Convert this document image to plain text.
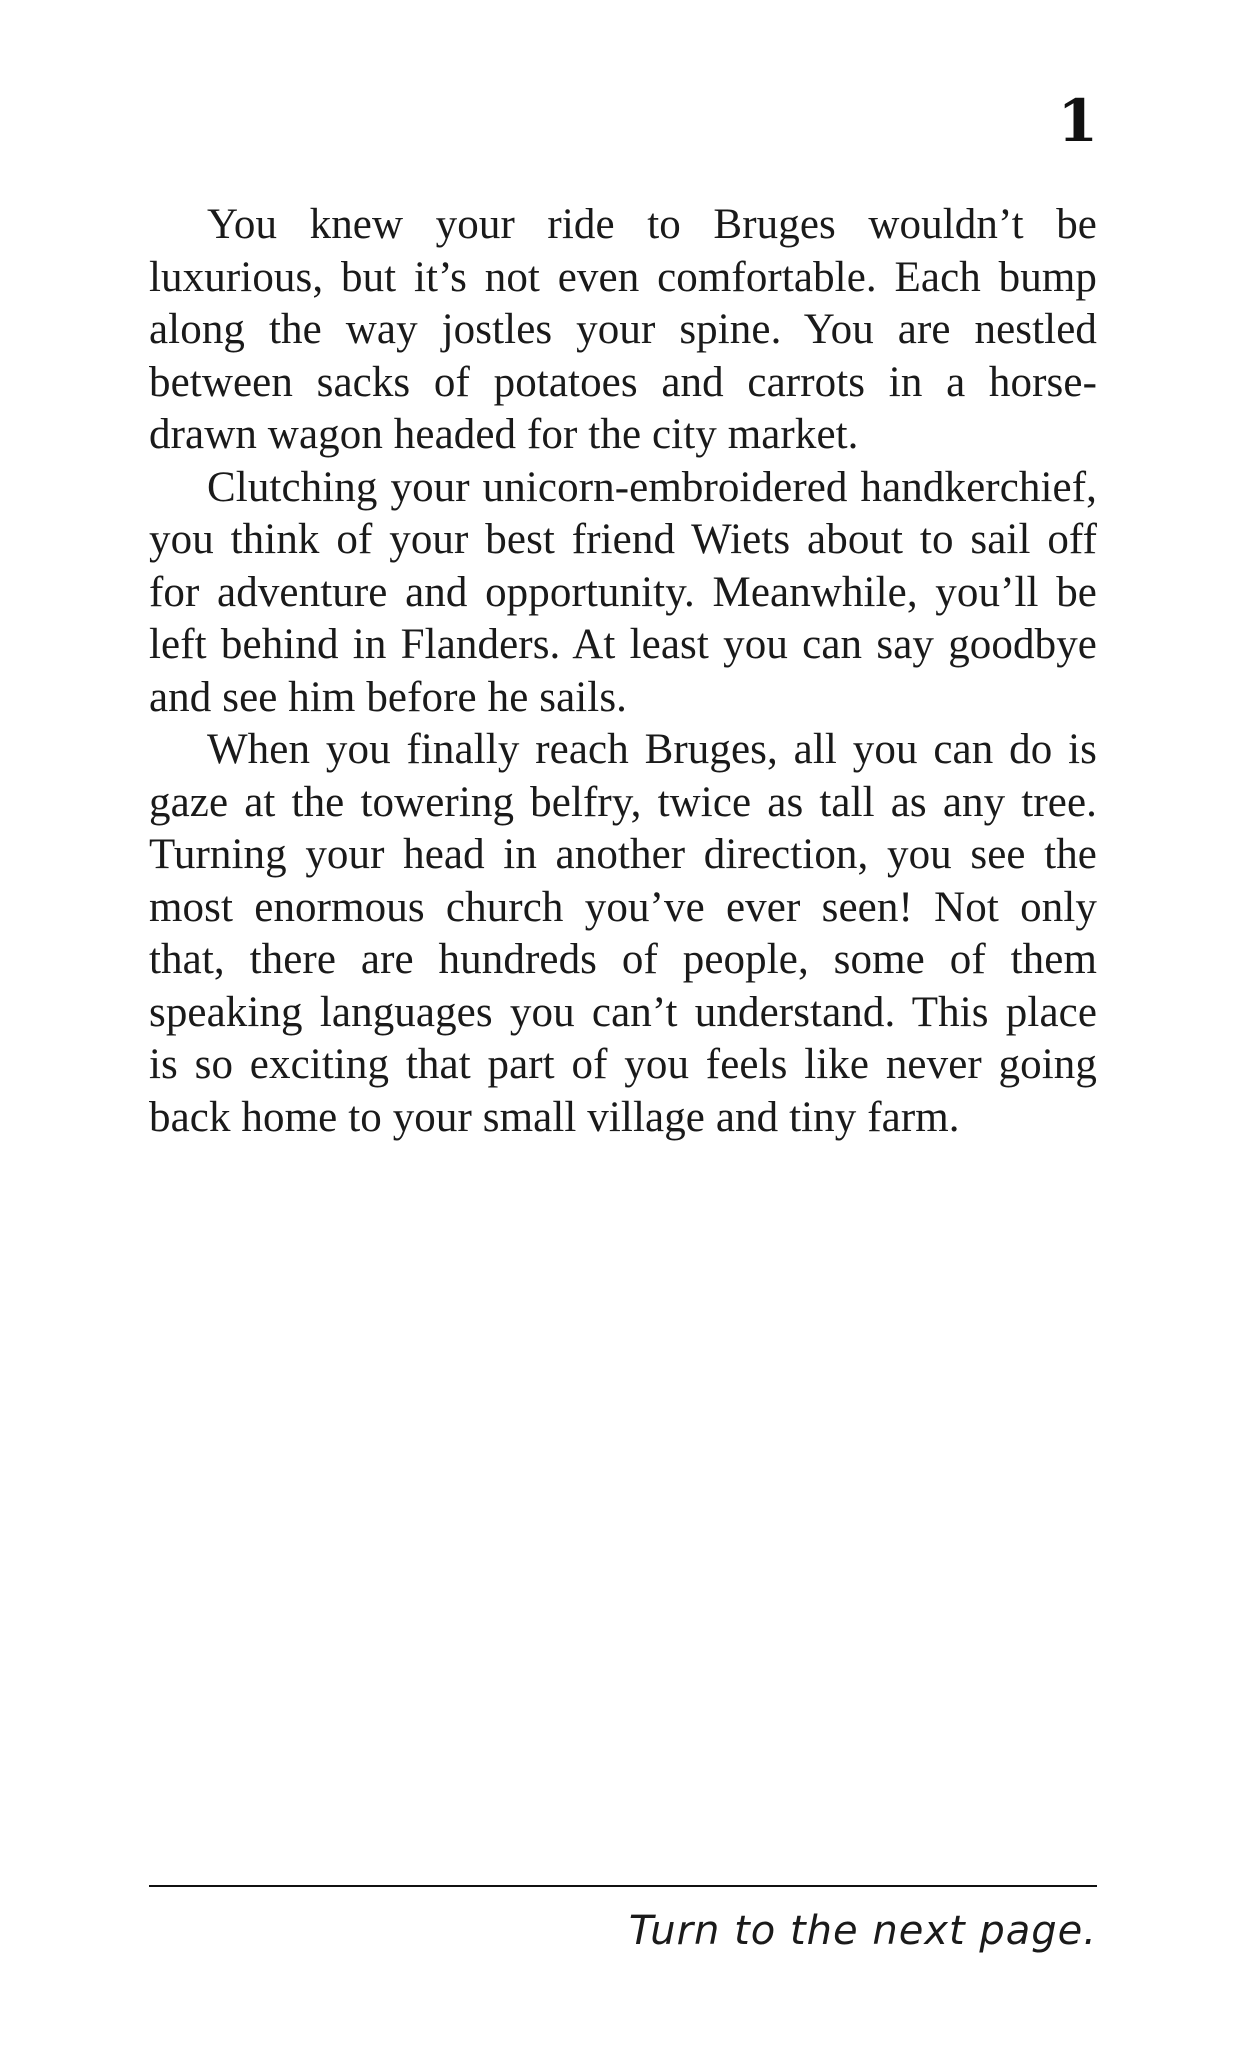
1

You knew your ride to Bruges wouldn’t be luxurious, but it’s not even comfortable. Each bump along the way jostles your spine. You are nestled between sacks of potatoes and carrots in a horse-drawn wagon headed for the city market.

Clutching your unicorn-embroidered handkerchief, you think of your best friend Wiets about to sail off for adventure and opportunity. Meanwhile, you’ll be left behind in Flanders. At least you can say goodbye and see him before he sails.

When you finally reach Bruges, all you can do is gaze at the towering belfry, twice as tall as any tree. Turning your head in another direction, you see the most enormous church you’ve ever seen! Not only that, there are hundreds of people, some of them speaking languages you can’t understand. This place is so exciting that part of you feels like never going back home to your small village and tiny farm.

Turn to the next page.
